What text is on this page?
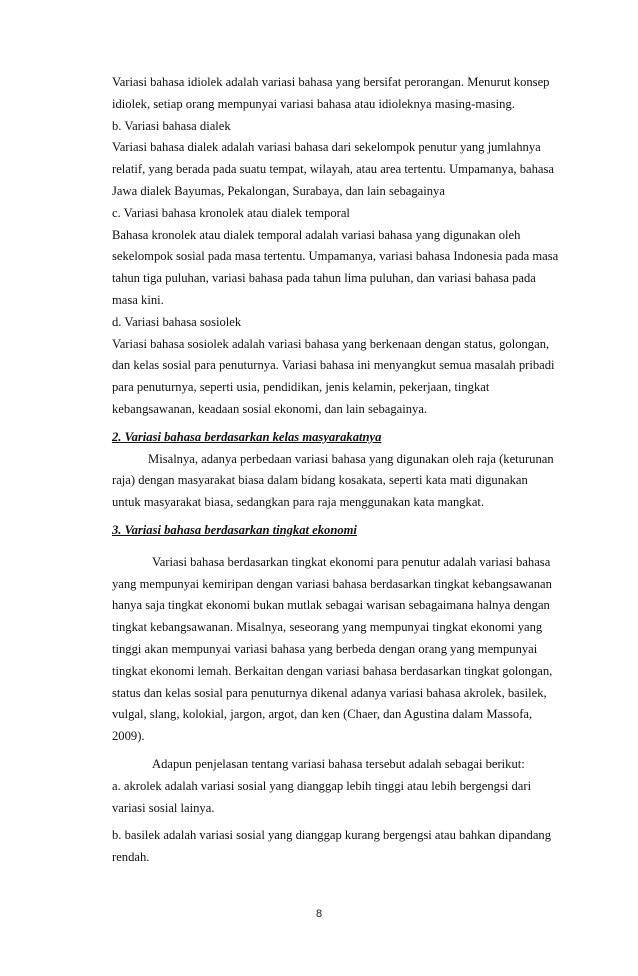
Variasi bahasa idiolek adalah variasi bahasa yang bersifat perorangan. Menurut konsep
idiolek, setiap orang mempunyai variasi bahasa atau idioleknya masing-masing.
b. Variasi bahasa dialek
Variasi bahasa dialek adalah variasi bahasa dari sekelompok penutur yang jumlahnya
relatif, yang berada pada suatu tempat, wilayah, atau area tertentu. Umpamanya, bahasa
Jawa dialek Bayumas, Pekalongan, Surabaya, dan lain sebagainya
c. Variasi bahasa kronolek atau dialek temporal
Bahasa kronolek atau dialek temporal adalah variasi bahasa yang digunakan oleh
sekelompok sosial pada masa tertentu. Umpamanya, variasi bahasa Indonesia pada masa
tahun tiga puluhan, variasi bahasa pada tahun lima puluhan, dan variasi bahasa pada
masa kini.
d. Variasi bahasa sosiolek
Variasi bahasa sosiolek adalah variasi bahasa yang berkenaan dengan status, golongan,
dan kelas sosial para penuturnya. Variasi bahasa ini menyangkut semua masalah pribadi
para penuturnya, seperti usia, pendidikan, jenis kelamin, pekerjaan, tingkat
kebangsawanan, keadaan sosial ekonomi, dan lain sebagainya.
2. Variasi bahasa berdasarkan kelas masyarakatnya
Misalnya, adanya perbedaan variasi bahasa yang digunakan oleh raja (keturunan
raja) dengan masyarakat biasa dalam bidang kosakata, seperti kata mati digunakan
untuk masyarakat biasa, sedangkan para raja menggunakan kata mangkat.
3. Variasi bahasa berdasarkan tingkat ekonomi
Variasi bahasa berdasarkan tingkat ekonomi para penutur adalah variasi bahasa
yang mempunyai kemiripan dengan variasi bahasa berdasarkan tingkat kebangsawanan
hanya saja tingkat ekonomi bukan mutlak sebagai warisan sebagaimana halnya dengan
tingkat kebangsawanan. Misalnya, seseorang yang mempunyai tingkat ekonomi yang
tinggi akan mempunyai variasi bahasa yang berbeda dengan orang yang mempunyai
tingkat ekonomi lemah. Berkaitan dengan variasi bahasa berdasarkan tingkat golongan,
status dan kelas sosial para penuturnya dikenal adanya variasi bahasa akrolek, basilek,
vulgal, slang, kolokial, jargon, argot, dan ken (Chaer, dan Agustina dalam Massofa,
2009).
Adapun penjelasan tentang variasi bahasa tersebut adalah sebagai berikut:
a. akrolek adalah variasi sosial yang dianggap lebih tinggi atau lebih bergengsi dari
variasi sosial lainya.
b. basilek adalah variasi sosial yang dianggap kurang bergengsi atau bahkan dipandang
rendah.
8
